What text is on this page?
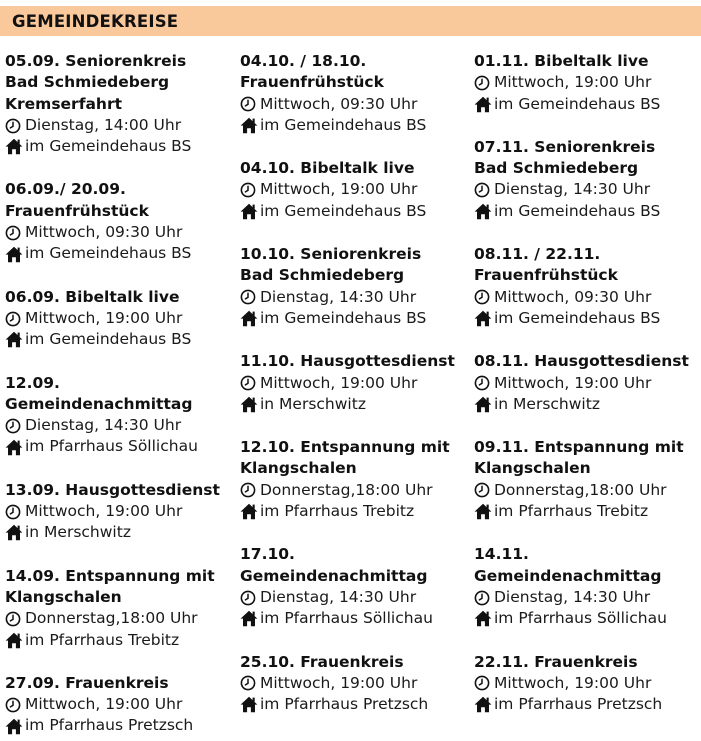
GEMEINDEKREISE
05.09. Seniorenkreis
Bad Schmiedeberg
Kremserfahrt
Dienstag, 14:00 Uhr
im Gemeindehaus BS
06.09./ 20.09.
Frauenfrühstück
Mittwoch, 09:30 Uhr
im Gemeindehaus BS
06.09. Bibeltalk live
Mittwoch, 19:00 Uhr
im Gemeindehaus BS
12.09.
Gemeindenachmittag
Dienstag, 14:30 Uhr
im Pfarrhaus Söllichau
13.09. Hausgottesdienst
Mittwoch, 19:00 Uhr
in Merschwitz
14.09. Entspannung mit
Klangschalen
Donnerstag,18:00 Uhr
im Pfarrhaus Trebitz
27.09. Frauenkreis
Mittwoch, 19:00 Uhr
im Pfarrhaus Pretzsch
04.10. / 18.10.
Frauenfrühstück
Mittwoch, 09:30 Uhr
im Gemeindehaus BS
04.10. Bibeltalk live
Mittwoch, 19:00 Uhr
im Gemeindehaus BS
10.10. Seniorenkreis
Bad Schmiedeberg
Dienstag, 14:30 Uhr
im Gemeindehaus BS
11.10. Hausgottesdienst
Mittwoch, 19:00 Uhr
in Merschwitz
12.10. Entspannung mit
Klangschalen
Donnerstag,18:00 Uhr
im Pfarrhaus Trebitz
17.10.
Gemeindenachmittag
Dienstag, 14:30 Uhr
im Pfarrhaus Söllichau
25.10. Frauenkreis
Mittwoch, 19:00 Uhr
im Pfarrhaus Pretzsch
01.11. Bibeltalk live
Mittwoch, 19:00 Uhr
im Gemeindehaus BS
07.11. Seniorenkreis
Bad Schmiedeberg
Dienstag, 14:30 Uhr
im Gemeindehaus BS
08.11. / 22.11.
Frauenfrühstück
Mittwoch, 09:30 Uhr
im Gemeindehaus BS
08.11. Hausgottesdienst
Mittwoch, 19:00 Uhr
in Merschwitz
09.11. Entspannung mit
Klangschalen
Donnerstag,18:00 Uhr
im Pfarrhaus Trebitz
14.11.
Gemeindenachmittag
Dienstag, 14:30 Uhr
im Pfarrhaus Söllichau
22.11. Frauenkreis
Mittwoch, 19:00 Uhr
im Pfarrhaus Pretzsch
